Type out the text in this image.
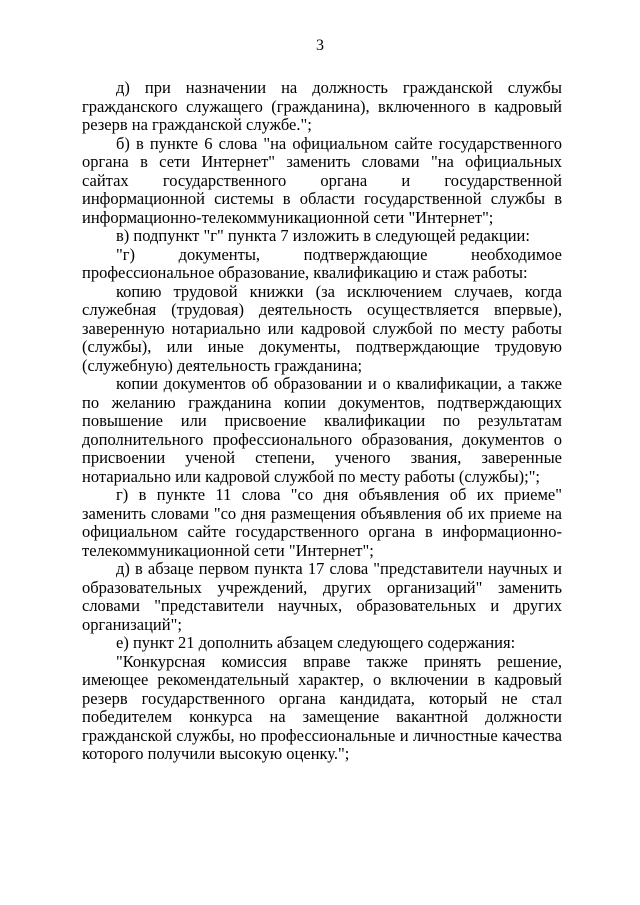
3

д) при назначении на должность гражданской службы гражданского служащего (гражданина), включенного в кадровый резерв на гражданской службе.";

б) в пункте 6 слова "на официальном сайте государственного органа в сети Интернет" заменить словами "на официальных сайтах государственного органа и государственной информационной системы в области государственной службы в информационно-телекоммуникационной сети "Интернет";

в) подпункт "г" пункта 7 изложить в следующей редакции:

"г) документы, подтверждающие необходимое профессиональное образование, квалификацию и стаж работы:

копию трудовой книжки (за исключением случаев, когда служебная (трудовая) деятельность осуществляется впервые), заверенную нотариально или кадровой службой по месту работы (службы), или иные документы, подтверждающие трудовую (служебную) деятельность гражданина;

копии документов об образовании и о квалификации, а также по желанию гражданина копии документов, подтверждающих повышение или присвоение квалификации по результатам дополнительного профессионального образования, документов о присвоении ученой степени, ученого звания, заверенные нотариально или кадровой службой по месту работы (службы);";

г) в пункте 11 слова "со дня объявления об их приеме" заменить словами "со дня размещения объявления об их приеме на официальном сайте государственного органа в информационно-телекоммуникационной сети "Интернет";

д) в абзаце первом пункта 17 слова "представители научных и образовательных учреждений, других организаций" заменить словами "представители научных, образовательных и других организаций";

е) пункт 21 дополнить абзацем следующего содержания:

"Конкурсная комиссия вправе также принять решение, имеющее рекомендательный характер, о включении в кадровый резерв государственного органа кандидата, который не стал победителем конкурса на замещение вакантной должности гражданской службы, но профессиональные и личностные качества которого получили высокую оценку.";
